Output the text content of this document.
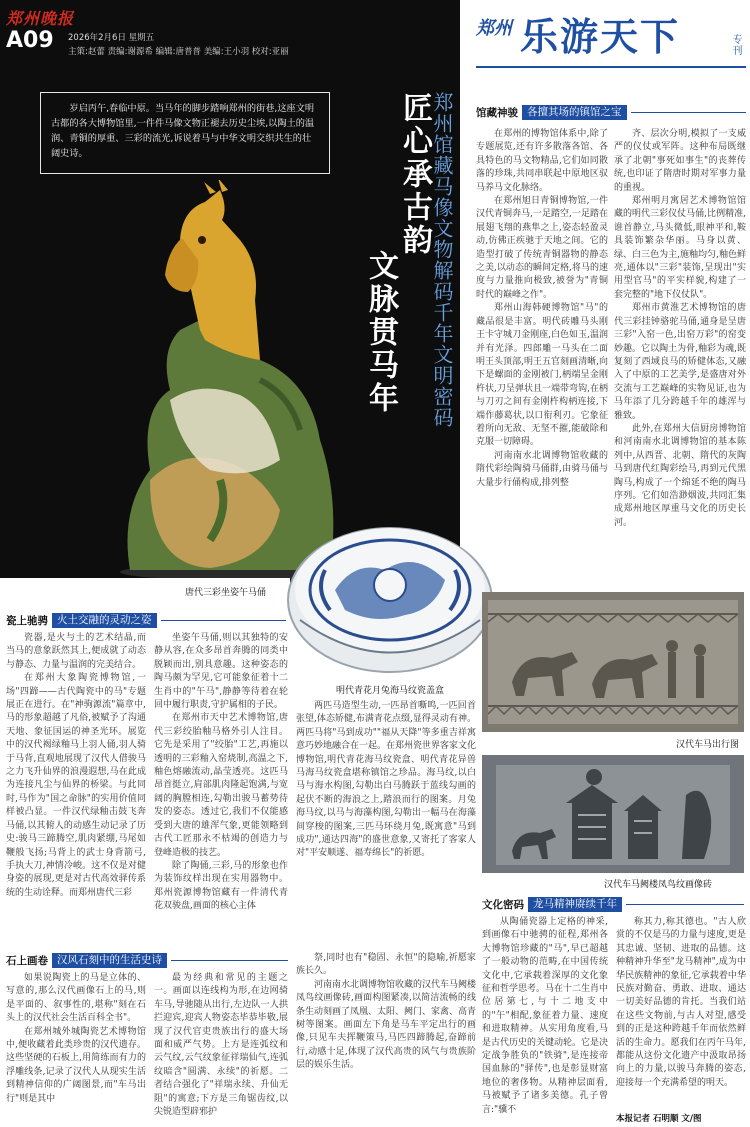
郑州晚报
A09 2026年2月6日 星期五
主策:赵蕾 责编:谢源希 编辑:唐普普 美编:王小羽 校对:亚丽
郑州 乐游天下	专刊
岁启丙午,春临中原。当马年的脚步踏响郑州的街巷,这座文明古都的各大博物馆里,一件件马像文物正褪去历史尘埃,以陶土的温润、青铜的厚重、三彩的流光,诉说着马与中华文明交织共生的壮阔史诗。	郑州馆藏马像文物解码千年文明密码
匠心承古韵
文脉贯马年
唐代三彩坐姿午马俑
明代青花月兔海马纹瓷盖盒
馆藏神骏 各擅其场的镇馆之宝

在郑州的博物馆体系中,除了专题展览,还有许多散落各馆、各具特色的马文物精品,它们如同散落的珍珠,共同串联起中原地区驭马养马文化脉络。

在郑州旭日青铜博物馆,一件汉代青铜奔马,一足踏空,一足踏在展翅飞翔的燕隼之上,姿态轻盈灵动,仿佛正疾驰于天地之间。它的造型打破了传统青铜器物的静态之美,以动态的瞬间定格,将马的速度与力量推向极致,被誉为"青铜时代的巅峰之作"。

郑州山海韩硬博物馆"马"的藏品很是丰富。明代砖雕马头刚王卡守城刀金刚座,白色如玉,温润并有光泽。四郎雕一马头在二面明王头顶部,明王五官刻画清晰,向下是螺面的金刚被门,柄端呈金刚杵状,刀呈弹状且一端带弯钩,在柄与刀刃之间有金刚杵构柄连接,下端作藤葛状,以口衔利刃。它象征着所向无敌、无坚不摧,能破除和克服一切障碍。

河南南水北调博物馆收藏的隋代彩绘陶骑马俑群,由骑马俑与大量步行俑构成,排列整

齐、层次分明,模拟了一支威严的仪仗或军阵。这种布局既继承了北朝"事死如事生"的丧葬传统,也印证了隋唐时期对军事力量的重视。

郑州明月寓居艺术博物馆馆藏的明代三彩仪仗马俑,比例精准,谁首静立,马头微低,眼神平和,鞍具装饰繁杂华丽。马身以黄、绿、白三色为主,施釉均匀,釉色鲜亮,通体以"三彩"装饰,呈现出"实用型官马"的平实样貌,构建了一套完整的"地下仪仗队"。

郑州市黄淮艺术博物馆的唐代三彩挂钟骆驼马俑,通身是呈唐三彩"入窑一色,出窑万彩"的窑变妙趣。它以陶土为骨,釉彩为魂,既复刻了西域良马的矫健体态,又融入了中原的工艺美学,是盛唐对外交流与工艺巅峰的实物见证,也为马年添了几分跨越千年的雄浑与雅致。

此外,在郑州大信厨房博物馆和河南南水北调博物馆的基本陈列中,从西晋、北朝、隋代的灰陶马到唐代红陶彩绘马,再到元代黑陶马,构成了一个绵延不绝的陶马序列。它们如浩渺烟波,共同汇集成郑州地区厚重马文化的历史长河。

瓷上驰骋 火土交融的灵动之姿

瓷器,是火与土的艺术结晶,而当马的意象跃然其上,便成就了动态与静态、力量与温润的完美结合。

在郑州大象陶瓷博物馆,一场"四蹄——古代陶瓷中的马"专题展正在进行。在"神驹源流"篇章中,马的形象超越了凡俗,被赋予了沟通天地、象征国运的神圣光环。展览中的汉代褐绿釉马上羽人俑,羽人骑于马背,直观地展现了汉代人借骏马之力飞升仙界的浪漫遐想,马在此成为连接凡尘与仙界的桥梁。与此同时,马作为"国之命脉"的实用价值同样被凸显。一件汉代绿釉击鼓飞奔马俑,以其俯人的动感生动记录了历史:骏马三蹄腾空,肌肉紧绷,马尾如鞭般飞扬;马背上的武士身背箭弓,手执大刀,神情冷峻。这不仅是对健身姿的展现,更是对古代高效驿传系统的生动诠释。而郑州唐代三彩

坐姿午马俑,则以其独特的安静从容,在众多昂首奔腾的同类中脱颖而出,别具意趣。这种姿态的陶马颇为罕见,它可能象征着十二生肖中的"午马",静静等待着在轮回中履行职责,守护属相的子民。

在郑州市天中艺术博物馆,唐代三彩绞胎釉马格外引人注目。它先是采用了"绞胎"工艺,再施以透明的三彩釉入窑烧制,高温之下,釉色熔融流动,晶莹透亮。这匹马昂首挺立,肩部肌肉隆起饱满,与宽阔的胸膛相连,勾勒出骏马蓄势待发的姿态。透过它,我们不仅能感受到大唐的雄浑气象,更能领略到古代工匠那永不枯竭的创造力与登峰造极的技艺。

除了陶俑,三彩,马的形象也作为装饰纹样出现在实用器物中。郑州瓷源博物馆藏有一件清代青花双骏盘,画面的核心主体

两匹马造型生动,一匹昂首嘶鸣,一匹回首张望,体态矫健,布满青花点缀,显得灵动有神。两匹马将"马到成功""福从天降"等多重吉祥寓意巧妙地融合在一起。在郑州瓷世界客家文化博物馆,明代青花海马纹瓷盒、明代青花异兽马海马纹瓷盒堪称镇馆之珍品。海马纹,以白马与海水构图,勾勒出白马腾跃于蓝线勾画的起伏不断的海浪之上,踏浪而行的图案。月兔海马纹,以马与海藻构图,勾勒出一幅马在海藻间穿梭的图案,三匹马环绕月兔,既寓意"马到成功",通达四海"的盛世意象,又寄托了客家人对"平安顺遂、福寿绵长"的祈愿。

石上画卷 汉风石刻中的生活史诗

如果说陶瓷上的马是立体的、写意的,那么汉代画像石上的马,则是平面的、叙事性的,堪称"刻在石头上的汉代社会生活百科全书"。

在郑州城外城陶瓷艺术博物馆中,便收藏着此类珍贵的汉代遗存。这些坚硬的石板上,用简练而有力的浮雕线条,记录了汉代人从现实生活到精神信仰的广阔图景,而"车马出行"则是其中

最为经典和常见的主题之一。画面以连线构为形,在边网骑车马,导驰随从出行,左边队一人拱拦迎宾,迎宾人物姿态毕恭毕敬,展现了汉代官吏贵族出行的盛大场面和威严气势。上方是连弧纹和云气纹,云气纹象征祥瑞仙气,连弧纹暗含"圆满、永续"的祈愿。二者结合强化了"祥瑞永续、升仙无阻"的寓意;下方是三角锯齿纹,以尖锐造型辟邪护

祭,同时也有"稳固、永恒"的隐喻,祈愿家族长久。

河南南水北调博物馆收藏的汉代车马阙楼凤鸟纹画像砖,画面构图紧凑,以简洁流畅的线条生动刻画了凤凰、太阳、阙门、家禽、高青树等图案。画面左下角是马车平定出行的画像,只见车夫挥鞭策马,马匹四蹄腾起,奋蹄前行,动感十足,体现了汉代高贵的风气与贵族阶层的娱乐生活。

汉代车马出行图
汉代车马阙楼凤鸟纹画像砖
文化密码 龙马精神赓续千年

从陶俑瓷器上定格的神采,到画像石中驰骋的征程,郑州各大博物馆珍藏的"马",早已超越了一般动物的范畴,在中国传统文化中,它承载着深厚的文化象征和哲学思考。马在十二生肖中位居第七,与十二地支中的"午"相配,象征着力量、速度和进取精神。从实用角度看,马是古代历史的关键动轮。它是决定战争胜负的"铁骑",是连接帝国血脉的"驿传",也是彰显财富地位的奢侈物。从精神层面看,马被赋予了诸多美德。孔子曾言:"骥不

称其力,称其德也。"古人欣赏的不仅是马的力量与速度,更是其忠诚、坚韧、进取的品德。这种精神升华至"龙马精神",成为中华民族精神的象征,它承载着中华民族对勤奋、勇敢、进取、通达一切美好品德的肯托。当我们站在这些文物前,与古人对望,感受到的正是这种跨越千年而依然鲜活的生命力。愿我们在丙午马年,都能从这份文化遗产中汲取昂扬向上的力量,以骏马奔腾的姿态,迎接每一个充满希望的明天。

本报记者 石明顺 文/图
